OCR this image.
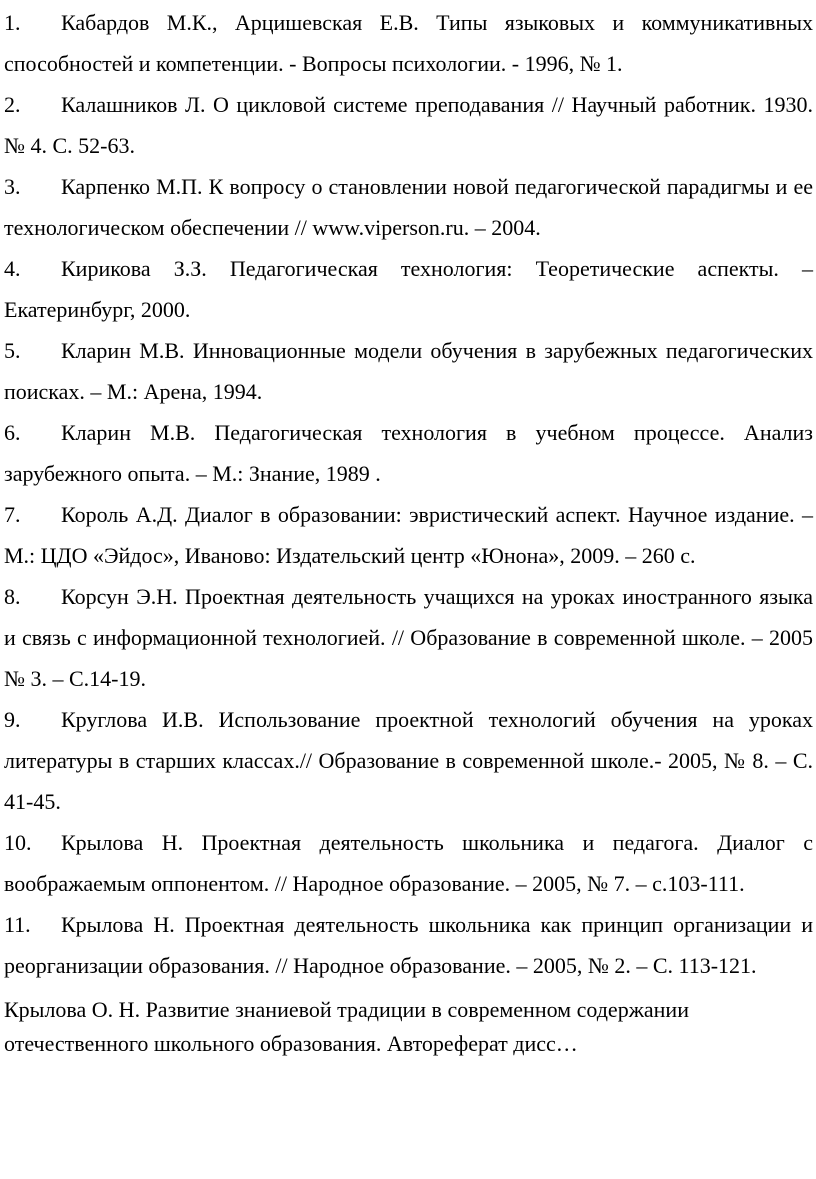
1. Кабардов М.К., Арцишевская Е.В. Типы языковых и коммуникативных способностей и компетенции. - Вопросы психологии. - 1996, № 1.
2. Калашников Л. О цикловой системе преподавания // Научный работник. 1930. № 4. С. 52-63.
3. Карпенко М.П. К вопросу о становлении новой педагогической парадигмы и ее технологическом обеспечении // www.viperson.ru. – 2004.
4. Кирикова З.З. Педагогическая технология: Теоретические аспекты. – Екатеринбург, 2000.
5. Кларин М.В. Инновационные модели обучения в зарубежных педагогических поисках. – М.: Арена, 1994.
6. Кларин М.В. Педагогическая технология в учебном процессе. Анализ зарубежного опыта. – М.: Знание, 1989 .
7. Король А.Д. Диалог в образовании: эвристический аспект. Научное издание. – М.: ЦДО «Эйдос», Иваново: Издательский центр «Юнона», 2009. – 260 с.
8. Корсун Э.Н. Проектная деятельность учащихся на уроках иностранного языка и связь с информационной технологией. // Образование в современной школе. – 2005 № 3. – С.14-19.
9. Круглова И.В. Использование проектной технологий обучения на уроках литературы в старших классах.// Образование в современной школе.- 2005, № 8. – С. 41-45.
10. Крылова Н. Проектная деятельность школьника и педагога. Диалог с воображаемым оппонентом. // Народное образование. – 2005, № 7. – с.103-111.
11. Крылова Н. Проектная деятельность школьника как принцип организации и реорганизации образования. // Народное образование. – 2005, № 2. – С. 113-121.

Крылова О. Н. Развитие знаниевой традиции в современном содержании отечественного школьного образования. Автореферат дисс…
